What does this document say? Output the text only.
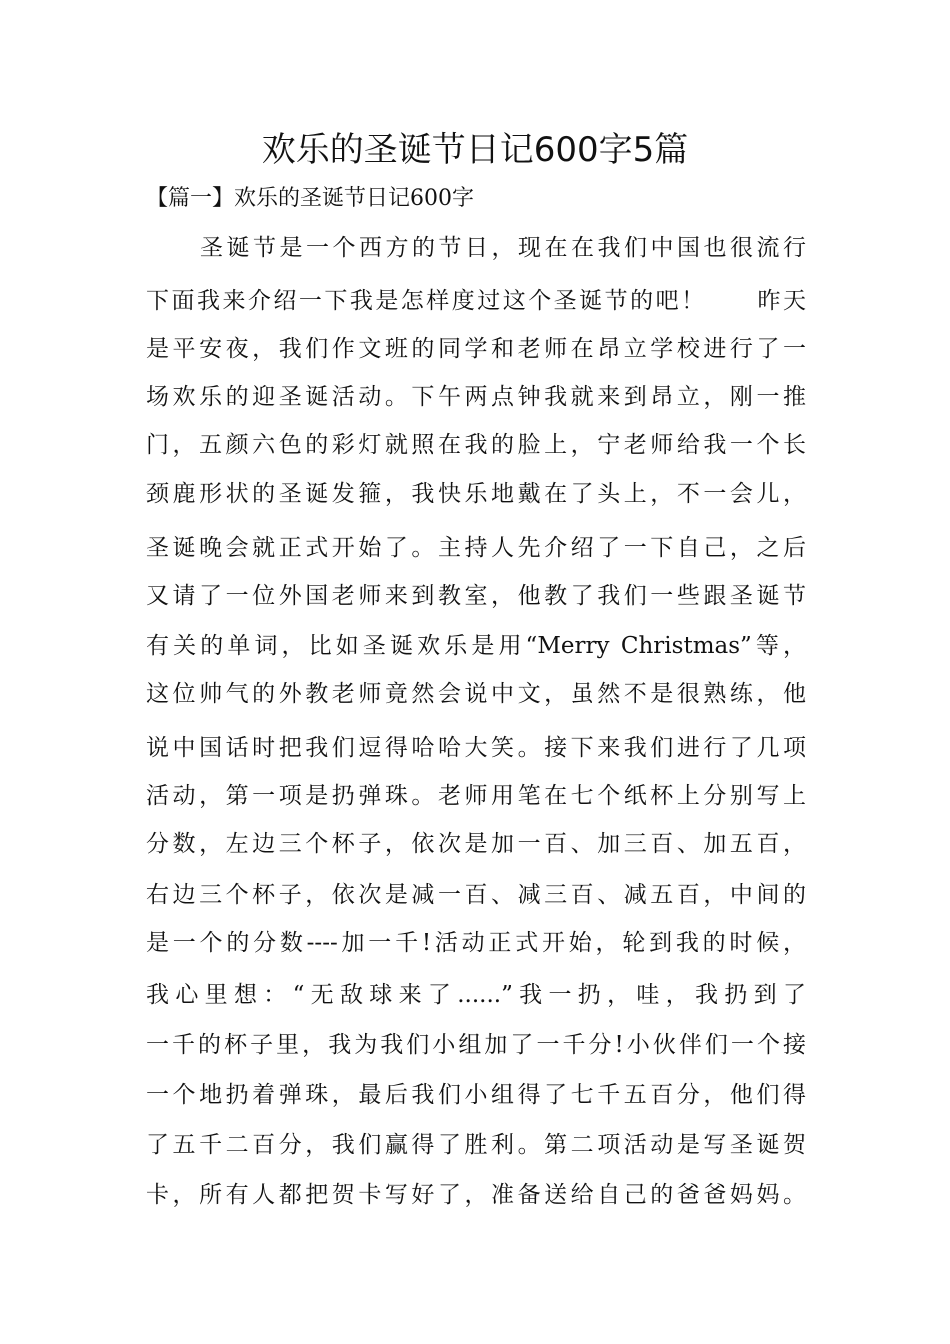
欢乐的圣诞节日记600字5篇

【篇一】欢乐的圣诞节日记600字

圣诞节是一个西方的节日，现在在我们中国也很流行

下面我来介绍一下我是怎样度过这个圣诞节的吧！　　昨天

是平安夜，我们作文班的同学和老师在昂立学校进行了一

场欢乐的迎圣诞活动。下午两点钟我就来到昂立，刚一推

门，五颜六色的彩灯就照在我的脸上，宁老师给我一个长

颈鹿形状的圣诞发箍，我快乐地戴在了头上，不一会儿，

圣诞晚会就正式开始了。主持人先介绍了一下自己，之后

又请了一位外国老师来到教室，他教了我们一些跟圣诞节

有关的单词，比如圣诞欢乐是用“Merry Christmas”等，

这位帅气的外教老师竟然会说中文，虽然不是很熟练，他

说中国话时把我们逗得哈哈大笑。接下来我们进行了几项

活动，第一项是扔弹珠。老师用笔在七个纸杯上分别写上

分数，左边三个杯子，依次是加一百、加三百、加五百，

右边三个杯子，依次是减一百、减三百、减五百，中间的

是一个的分数----加一千!活动正式开始，轮到我的时候，

我心里想：“无敌球来了......”我一扔，哇，我扔到了

一千的杯子里，我为我们小组加了一千分!小伙伴们一个接

一个地扔着弹珠，最后我们小组得了七千五百分，他们得

了五千二百分，我们赢得了胜利。第二项活动是写圣诞贺

卡，所有人都把贺卡写好了，准备送给自己的爸爸妈妈。
